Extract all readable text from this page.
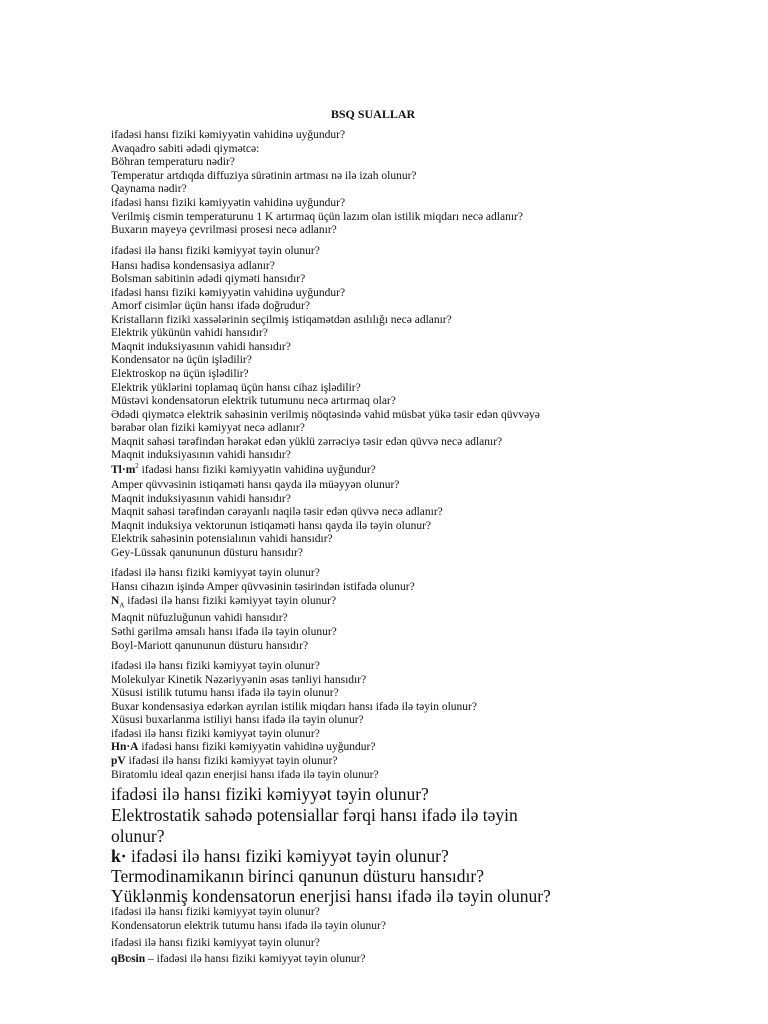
BSQ SUALLAR
ifadəsi hansı fiziki kəmiyyətin vahidinə uyğundur?
Avaqadro sabiti ədədi qiymətcə:
Böhran temperaturu nədir?
Temperatur artdıqda diffuziya sürətinin artması nə ilə izah olunur?
Qaynama nədir?
ifadəsi hansı fiziki kəmiyyətin vahidinə uyğundur?
Verilmiş cismin temperaturunu 1 K artırmaq üçün lazım olan istilik miqdarı necə adlanır?
Buxarın mayeyə çevrilməsi prosesi necə adlanır?
ifadəsi ilə hansı fiziki kəmiyyət təyin olunur?
Hansı hadisə kondensasiya adlanır?
Bolsman sabitinin ədədi qiyməti hansıdır?
ifadəsi hansı fiziki kəmiyyətin vahidinə uyğundur?
Amorf cisimlər üçün hansı ifadə doğrudur?
Kristalların fiziki xassələrinin seçilmiş istiqamətdən asılılığı necə adlanır?
Elektrik yükünün vahidi hansıdır?
Maqnit induksiyasının vahidi hansıdır?
Kondensator nə üçün işlədilir?
Elektroskop nə üçün işlədilir?
Elektrik yüklərini toplamaq üçün hansı cihaz işlədilir?
Müstəvi kondensatorun elektrik tutumunu necə artırmaq olar?
Ədədi qiymətcə elektrik sahəsinin verilmiş nöqtəsində vahid müsbət yükə təsir edən qüvvəyə
bərabər olan fiziki kəmiyyət necə adlanır?
Maqnit sahəsi tərəfindən hərəkət edən yüklü zərrəciyə təsir edən qüvvə necə adlanır?
Maqnit induksiyasının vahidi hansıdır?
$Tl\cdot m^2$ ifadəsi hansı fiziki kəmiyyətin vahidinə uyğundur?
Amper qüvvəsinin istiqaməti hansı qayda ilə müəyyən olunur?
Maqnit induksiyasının vahidi hansıdır?
Maqnit sahəsi tərəfindən cərəyanlı naqilə təsir edən qüvvə necə adlanır?
Maqnit induksiya vektorunun istiqaməti hansı qayda ilə təyin olunur?
Elektrik sahəsinin potensialının vahidi hansıdır?
Gey-Lüssak qanununun düsturu hansıdır?
ifadəsi ilə hansı fiziki kəmiyyət təyin olunur?
Hansı cihazın işində Amper qüvvəsinin təsirindən istifadə olunur?
$N_A$ ifadəsi ilə hansı fiziki kəmiyyət təyin olunur?
Maqnit nüfuzluğunun vahidi hansıdır?
Səthi gərilmə əmsalı hansı ifadə ilə təyin olunur?
Boyl-Mariott qanununun düsturu hansıdır?
ifadəsi ilə hansı fiziki kəmiyyət təyin olunur?
Molekulyar Kinetik Nəzəriyyənin əsas tənliyi hansıdır?
Xüsusi istilik tutumu hansı ifadə ilə təyin olunur?
Buxar kondensasiya edərkən ayrılan istilik miqdarı hansı ifadə ilə təyin olunur?
Xüsusi buxarlanma istiliyi hansı ifadə ilə təyin olunur?
ifadəsi ilə hansı fiziki kəmiyyət təyin olunur?
Hn·A ifadəsi hansı fiziki kəmiyyətin vahidinə uyğundur?
pV ifadəsi ilə hansı fiziki kəmiyyət təyin olunur?
Biratomlu ideal qazın enerjisi hansı ifadə ilə təyin olunur?
ifadəsi ilə hansı fiziki kəmiyyət təyin olunur?
Elektrostatik sahədə potensiallar fərqi hansı ifadə ilə təyin
olunur?
k· ifadəsi ilə hansı fiziki kəmiyyət təyin olunur?
Termodinamikanın birinci qanunun düsturu hansıdır?
Yüklənmiş kondensatorun enerjisi hansı ifadə ilə təyin olunur?
ifadəsi ilə hansı fiziki kəmiyyət təyin olunur?
Kondensatorun elektrik tutumu hansı ifadə ilə təyin olunur?
ifadəsi ilə hansı fiziki kəmiyyət təyin olunur?
qBʋsin – ifadəsi ilə hansı fiziki kəmiyyət təyin olunur?
